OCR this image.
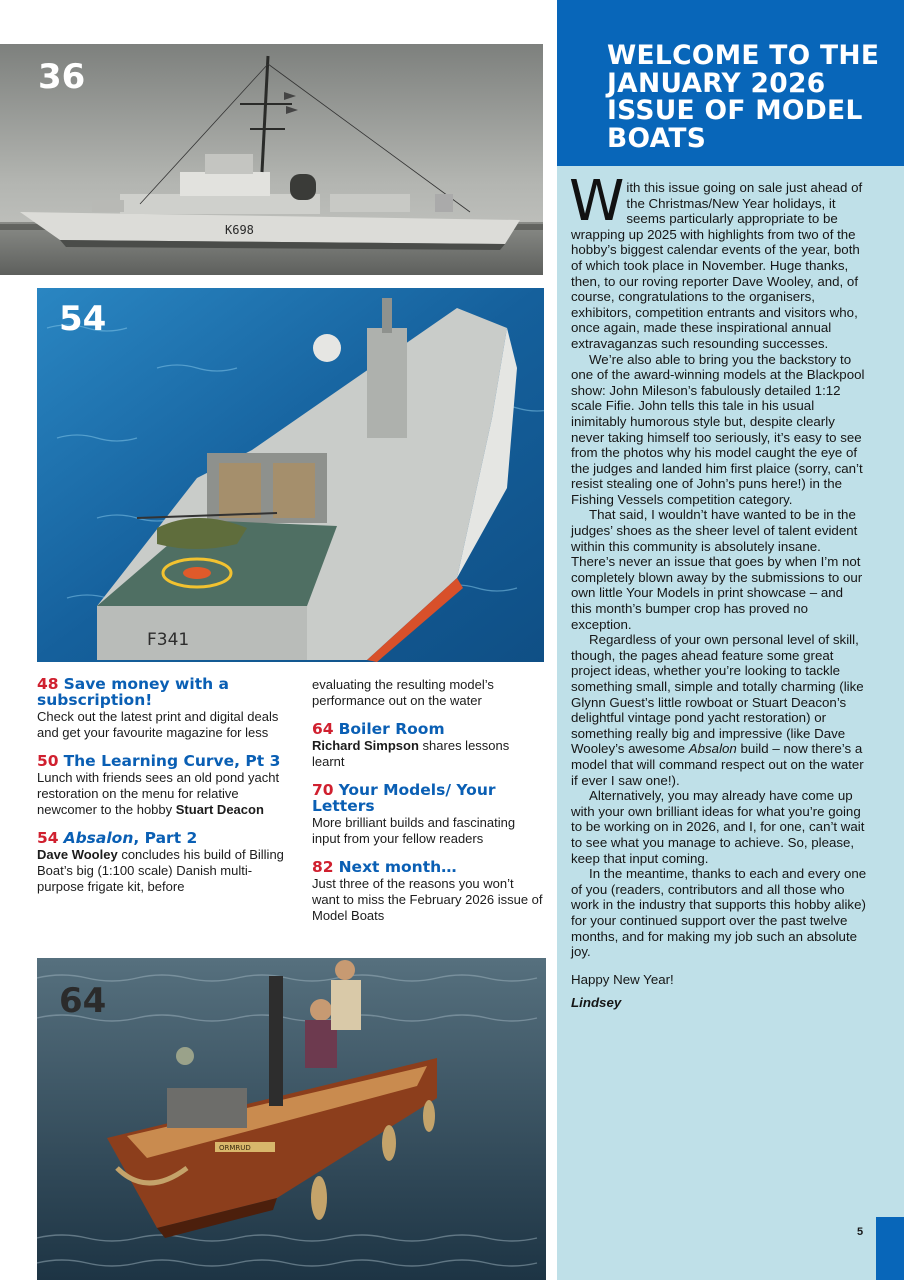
K698
36
F341
54
48 Save money with a subscription!
Check out the latest print and digital deals and get your favourite magazine for less
50 The Learning Curve, Pt 3
Lunch with friends sees an old pond yacht restoration on the menu for relative newcomer to the hobby Stuart Deacon
54 Absalon, Part 2
Dave Wooley concludes his build of Billing Boat’s big (1:100 scale) Danish multi-purpose frigate kit, before
evaluating the resulting model’s performance out on the water
64 Boiler Room
Richard Simpson shares lessons learnt
70 Your Models/ Your Letters
More brilliant builds and fascinating input from your fellow readers
82 Next month…
Just three of the reasons you won’t want to miss the February 2026 issue of Model Boats
ORMRUD
64
WELCOME TO THE JANUARY 2026 ISSUE OF MODEL BOATS

With this issue going on sale just ahead of the Christmas/New Year holidays, it seems particularly appropriate to be wrapping up 2025 with highlights from two of the hobby’s biggest calendar events of the year, both of which took place in November. Huge thanks, then, to our roving reporter Dave Wooley, and, of course, congratulations to the organisers, exhibitors, competition entrants and visitors who, once again, made these inspirational annual extravaganzas such resounding successes.

We’re also able to bring you the backstory to one of the award-winning models at the Blackpool show: John Mileson’s fabulously detailed 1:12 scale Fifie. John tells this tale in his usual inimitably humorous style but, despite clearly never taking himself too seriously, it’s easy to see from the photos why his model caught the eye of the judges and landed him first plaice (sorry, can’t resist stealing one of John’s puns here!) in the Fishing Vessels competition category.

That said, I wouldn’t have wanted to be in the judges’ shoes as the sheer level of talent evident within this community is absolutely insane. There’s never an issue that goes by when I’m not completely blown away by the submissions to our own little Your Models in print showcase – and this month’s bumper crop has proved no exception.

Regardless of your own personal level of skill, though, the pages ahead feature some great project ideas, whether you’re looking to tackle something small, simple and totally charming (like Glynn Guest’s little rowboat or Stuart Deacon’s delightful vintage pond yacht restoration) or something really big and impressive (like Dave Wooley’s awesome Absalon build – now there’s a model that will command respect out on the water if ever I saw one!).

Alternatively, you may already have come up with your own brilliant ideas for what you’re going to be working on in 2026, and I, for one, can’t wait to see what you manage to achieve. So, please, keep that input coming.

In the meantime, thanks to each and every one of you (readers, contributors and all those who work in the industry that supports this hobby alike) for your continued support over the past twelve months, and for making my job such an absolute joy.

Happy New Year!

Lindsey

5
